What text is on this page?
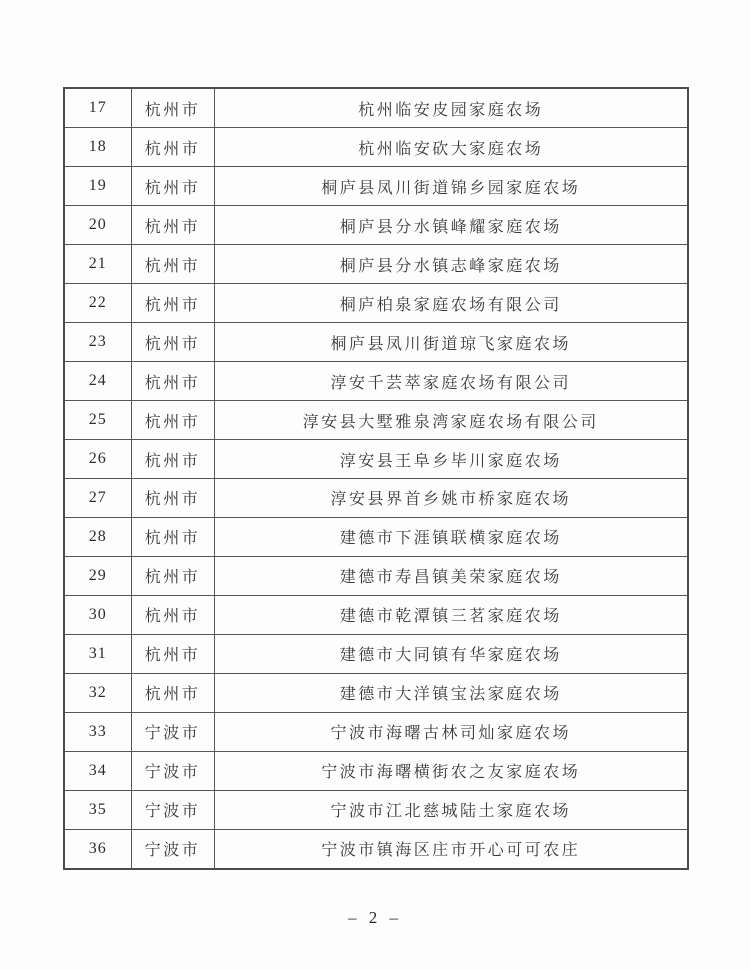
17	杭州市	杭州临安皮园家庭农场
18	杭州市	杭州临安砍大家庭农场
19	杭州市	桐庐县凤川街道锦乡园家庭农场
20	杭州市	桐庐县分水镇峰耀家庭农场
21	杭州市	桐庐县分水镇志峰家庭农场
22	杭州市	桐庐柏泉家庭农场有限公司
23	杭州市	桐庐县凤川街道琼飞家庭农场
24	杭州市	淳安千芸萃家庭农场有限公司
25	杭州市	淳安县大墅雅泉湾家庭农场有限公司
26	杭州市	淳安县王阜乡毕川家庭农场
27	杭州市	淳安县界首乡姚市桥家庭农场
28	杭州市	建德市下涯镇联横家庭农场
29	杭州市	建德市寿昌镇美荣家庭农场
30	杭州市	建德市乾潭镇三茗家庭农场
31	杭州市	建德市大同镇有华家庭农场
32	杭州市	建德市大洋镇宝法家庭农场
33	宁波市	宁波市海曙古林司灿家庭农场
34	宁波市	宁波市海曙横街农之友家庭农场
35	宁波市	宁波市江北慈城陆土家庭农场
36	宁波市	宁波市镇海区庄市开心可可农庄
– 2 –
